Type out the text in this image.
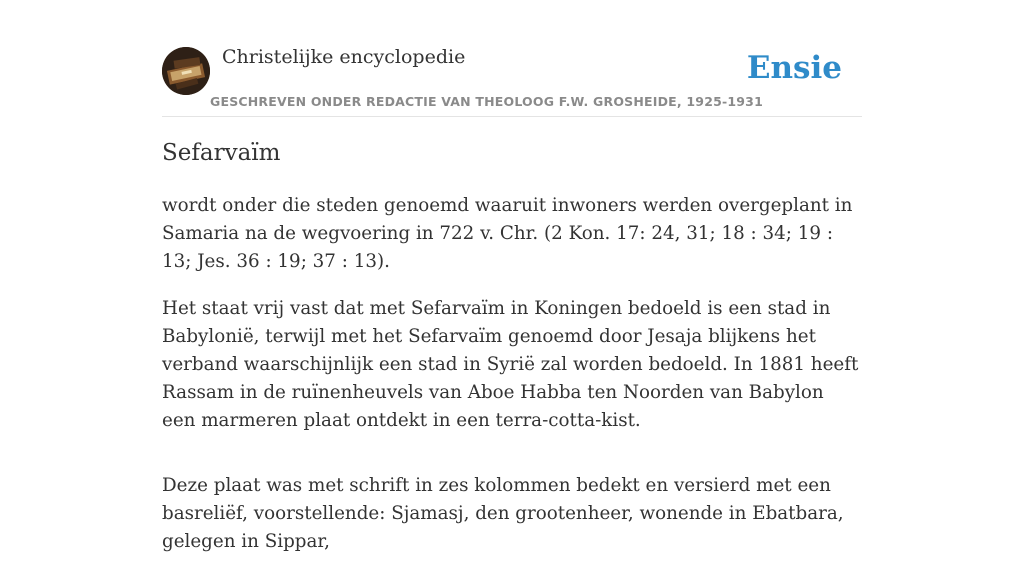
Christelijke encyclopedie
GESCHREVEN ONDER REDACTIE VAN THEOLOOG F.W. GROSHEIDE, 1925-1931
Ensie
Sefarvaïm

wordt onder die steden genoemd waaruit inwoners werden overgeplant in Samaria na de wegvoering in 722 v. Chr. (2 Kon. 17: 24, 31; 18 : 34; 19 : 13; Jes. 36 : 19; 37 : 13).

Het staat vrij vast dat met Sefarvaïm in Koningen bedoeld is een stad in Babylonië, terwijl met het Sefarvaïm genoemd door Jesaja blijkens het verband waarschijnlijk een stad in Syrië zal worden bedoeld. In 1881 heeft Rassam in de ruïnenheuvels van Aboe Habba ten Noorden van Babylon een marmeren plaat ontdekt in een terra-cotta-kist.

Deze plaat was met schrift in zes kolommen bedekt en versierd met een basreliëf, voorstellende: Sjamasj, den grootenheer, wonende in Ebatbara, gelegen in Sippar,
